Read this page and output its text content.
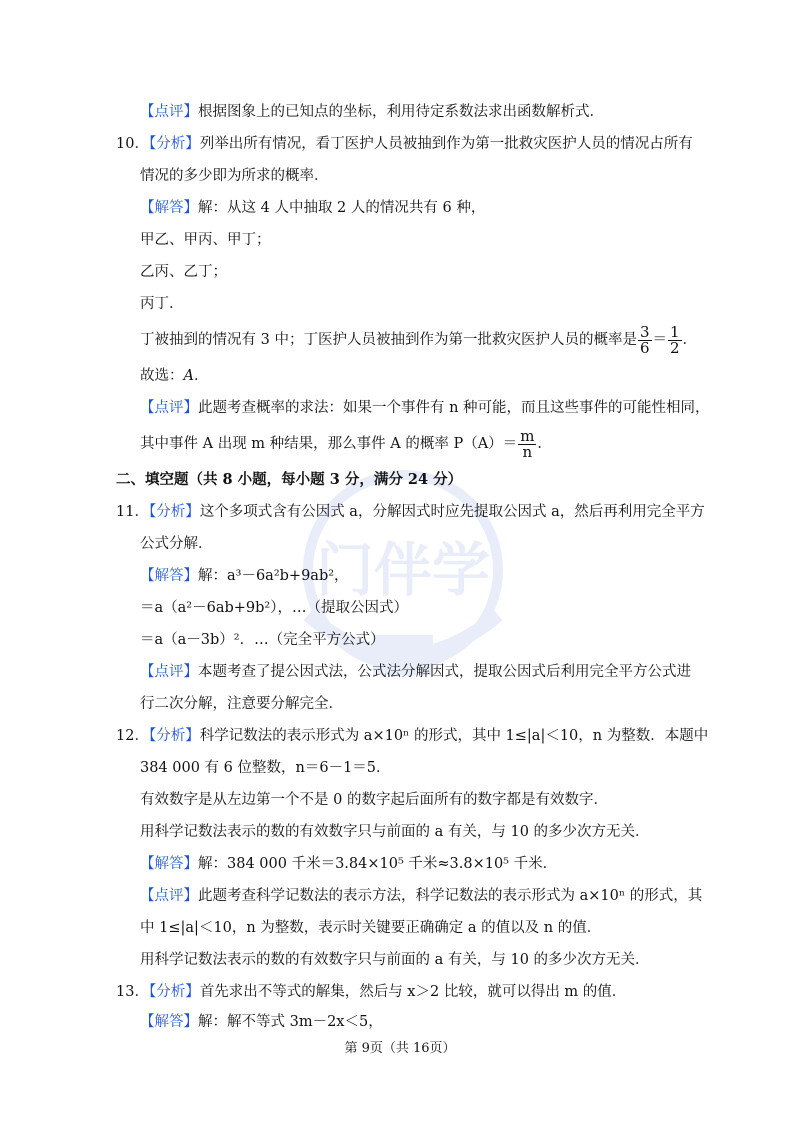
门伴学
【点评】根据图象上的已知点的坐标，利用待定系数法求出函数解析式．
10．【分析】列举出所有情况，看丁医护人员被抽到作为第一批救灾医护人员的情况占所有
情况的多少即为所求的概率．
【解答】解：从这 4 人中抽取 2 人的情况共有 6 种，
甲乙、甲丙、甲丁；
乙丙、乙丁；
丙丁．
丁被抽到的情况有 3 中；丁医护人员被抽到作为第一批救灾医护人员的概率是 $\frac{3}{6} = \frac{1}{2}$ ．
故选：A．
【点评】此题考查概率的求法：如果一个事件有 n 种可能，而且这些事件的可能性相同，
其中事件 A 出现 m 种结果，那么事件 A 的概率 $P(A)= \frac{m}{n}$ ．
二、填空题（共 8 小题，每小题 3 分，满分 24 分）
11．【分析】这个多项式含有公因式 a，分解因式时应先提取公因式 a，然后再利用完全平方
公式分解．
【解答】解：a³－6a²b+9ab²，
＝a（a²－6ab+9b²），…（提取公因式）
＝a（a－3b）²．…（完全平方公式）
【点评】本题考查了提公因式法，公式法分解因式，提取公因式后利用完全平方公式进
行二次分解，注意要分解完全．
12．【分析】科学记数法的表示形式为 a×10ⁿ 的形式，其中 1≤|a|＜10，n 为整数．本题中
384 000 有 6 位整数，n＝6－1＝5．
有效数字是从左边第一个不是 0 的数字起后面所有的数字都是有效数字．
用科学记数法表示的数的有效数字只与前面的 a 有关，与 10 的多少次方无关．
【解答】解：384 000 千米＝3.84×10⁵ 千米≈3.8×10⁵ 千米．
【点评】此题考查科学记数法的表示方法，科学记数法的表示形式为 a×10ⁿ 的形式，其
中 1≤|a|＜10，n 为整数，表示时关键要正确确定 a 的值以及 n 的值．
用科学记数法表示的数的有效数字只与前面的 a 有关，与 10 的多少次方无关．
13．【分析】首先求出不等式的解集，然后与 x＞2 比较，就可以得出 m 的值．
【解答】解：解不等式 3m－2x＜5，
第 9页（共 16页）
